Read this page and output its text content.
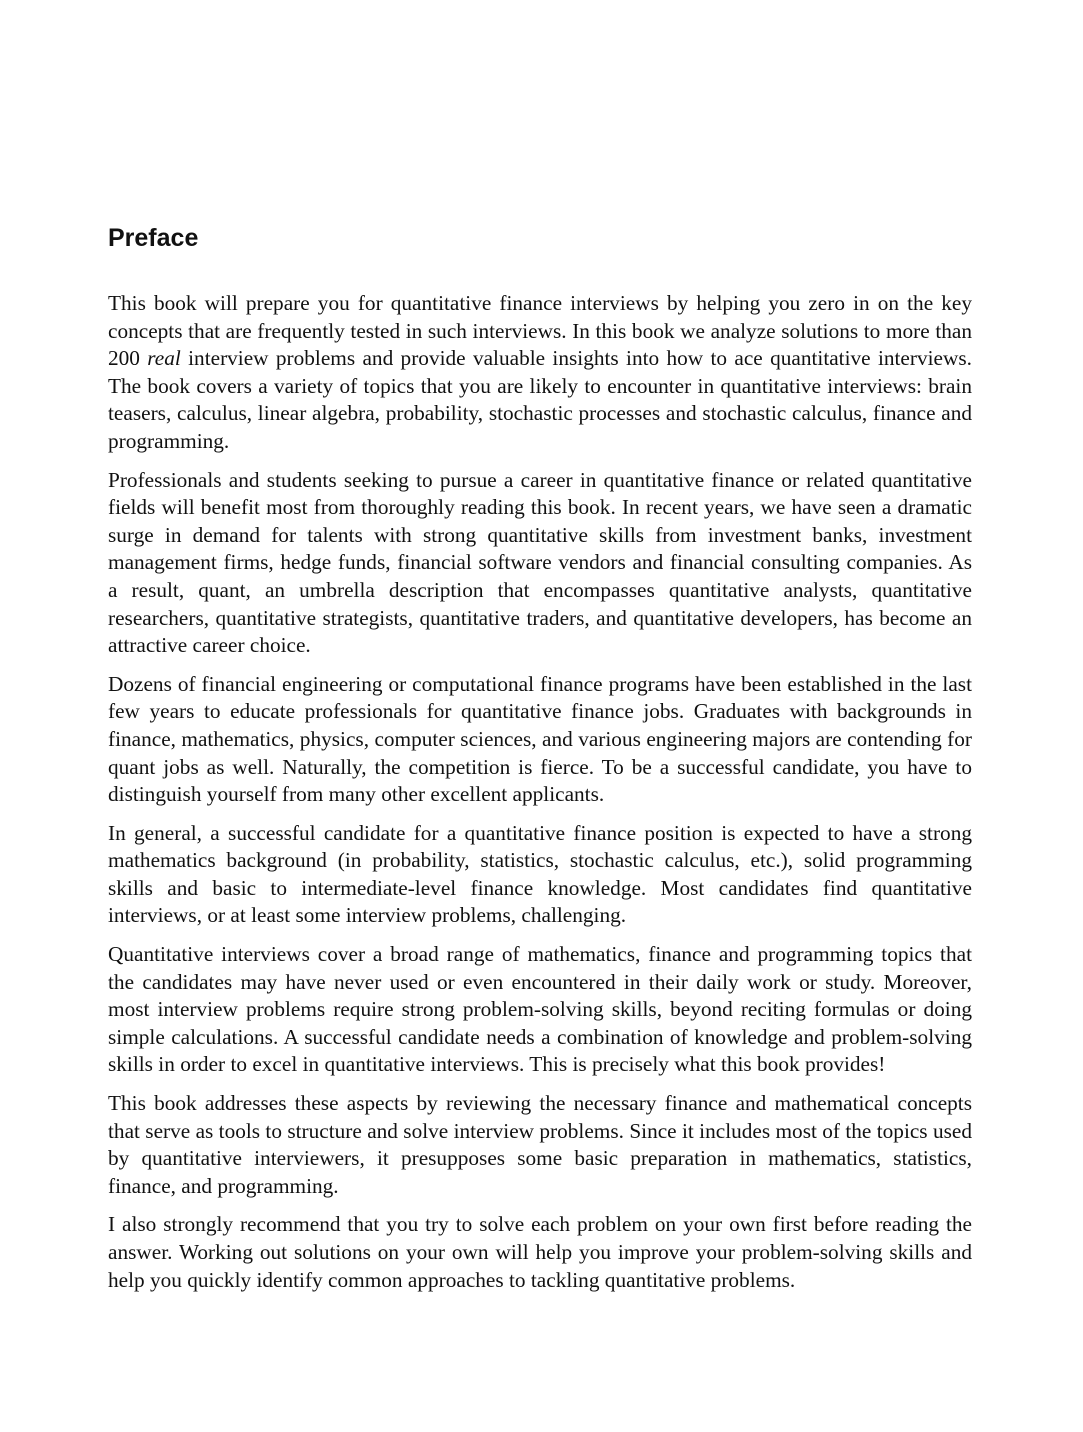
Preface

This book will prepare you for quantitative finance interviews by helping you zero in on the key concepts that are frequently tested in such interviews. In this book we analyze solutions to more than 200 real interview problems and provide valuable insights into how to ace quantitative interviews. The book covers a variety of topics that you are likely to encounter in quantitative interviews: brain teasers, calculus, linear algebra, probability, stochastic processes and stochastic calculus, finance and programming.

Professionals and students seeking to pursue a career in quantitative finance or related quantitative fields will benefit most from thoroughly reading this book. In recent years, we have seen a dramatic surge in demand for talents with strong quantitative skills from investment banks, investment management firms, hedge funds, financial software vendors and financial consulting companies. As a result, quant, an umbrella description that encompasses quantitative analysts, quantitative researchers, quantitative strategists, quantitative traders, and quantitative developers, has become an attractive career choice.

Dozens of financial engineering or computational finance programs have been established in the last few years to educate professionals for quantitative finance jobs. Graduates with backgrounds in finance, mathematics, physics, computer sciences, and various engineering majors are contending for quant jobs as well. Naturally, the competition is fierce. To be a successful candidate, you have to distinguish yourself from many other excellent applicants.

In general, a successful candidate for a quantitative finance position is expected to have a strong mathematics background (in probability, statistics, stochastic calculus, etc.), solid programming skills and basic to intermediate-level finance knowledge. Most candidates find quantitative interviews, or at least some interview problems, challenging.

Quantitative interviews cover a broad range of mathematics, finance and programming topics that the candidates may have never used or even encountered in their daily work or study. Moreover, most interview problems require strong problem-solving skills, beyond reciting formulas or doing simple calculations. A successful candidate needs a combination of knowledge and problem-solving skills in order to excel in quantitative interviews. This is precisely what this book provides!

This book addresses these aspects by reviewing the necessary finance and mathematical concepts that serve as tools to structure and solve interview problems. Since it includes most of the topics used by quantitative interviewers, it presupposes some basic preparation in mathematics, statistics, finance, and programming.

I also strongly recommend that you try to solve each problem on your own first before reading the answer. Working out solutions on your own will help you improve your problem-solving skills and help you quickly identify common approaches to tackling quantitative problems.
